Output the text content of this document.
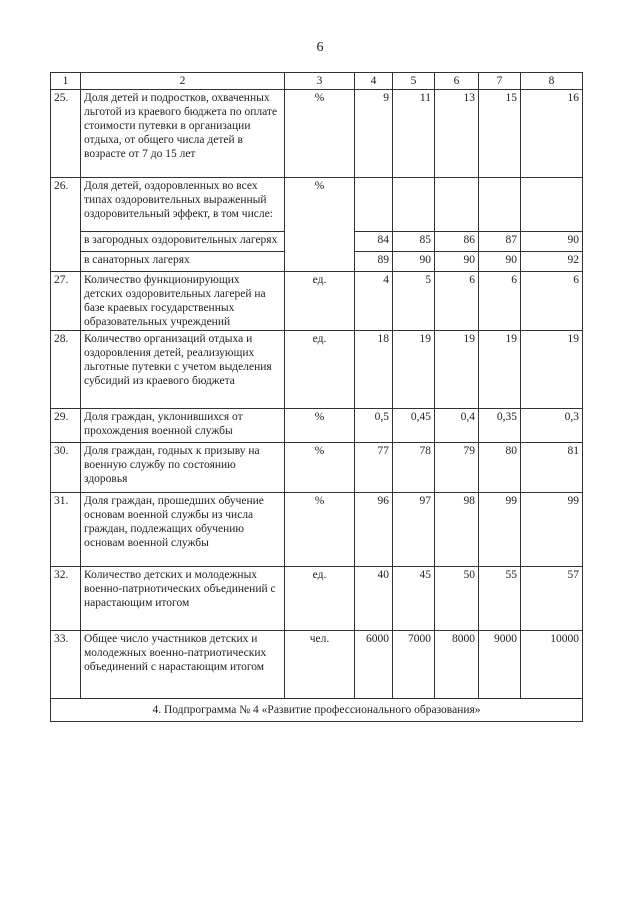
6
1	2	3	4	5	6	7	8
25.	Доля детей и подростков, охваченных льготой из краевого бюджета по оплате стоимости путевки в организации отдыха, от общего числа детей в возрасте от 7 до 15 лет	%	9	11	13	15	16
26.	Доля детей, оздоровленных во всех типах оздоровительных выраженный оздоровительный эффект, в том числе:	%					
	в загородных оздоровительных лагерях		84	85	86	87	90
	в санаторных лагерях		89	90	90	90	92
27.	Количество функционирующих детских оздоровительных лагерей на базе краевых государственных образовательных учреждений	ед.	4	5	6	6	6
28.	Количество организаций отдыха и оздоровления детей, реализующих льготные путевки с учетом выделения субсидий из краевого бюджета	ед.	18	19	19	19	19
29.	Доля граждан, уклонившихся от прохождения военной службы	%	0,5	0,45	0,4	0,35	0,3
30.	Доля граждан, годных к призыву на военную службу по состоянию здоровья	%	77	78	79	80	81
31.	Доля граждан, прошедших обучение основам военной службы из числа граждан, подлежащих обучению основам военной службы	%	96	97	98	99	99
32.	Количество детских и молодежных военно-патриотических объединений с нарастающим итогом	ед.	40	45	50	55	57
33.	Общее число участников детских и молодежных военно-патриотических объединений с нарастающим итогом	чел.	6000	7000	8000	9000	10000
4. Подпрограмма № 4 «Развитие профессионального образования»							
